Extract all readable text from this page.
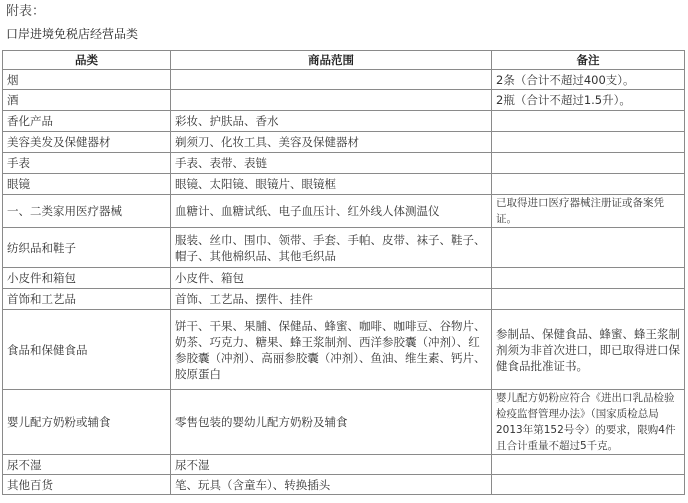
附表：
口岸进境免税店经营品类
品类	商品范围	备注
烟		2条（合计不超过400支）。
酒		2瓶（合计不超过1.5升）。
香化产品	彩妆、护肤品、香水	
美容美发及保健器材	剃须刀、化妆工具、美容及保健器材	
手表	手表、表带、表链	
眼镜	眼镜、太阳镜、眼镜片、眼镜框	
一、二类家用医疗器械	血糖计、血糖试纸、电子血压计、红外线人体测温仪	已取得进口医疗器械注册证或备案凭证。
纺织品和鞋子	服装、丝巾、围巾、领带、手套、手帕、皮带、袜子、鞋子、帽子、其他棉织品、其他毛织品	
小皮件和箱包	小皮件、箱包	
首饰和工艺品	首饰、工艺品、摆件、挂件	
食品和保健食品	饼干、干果、果脯、保健品、蜂蜜、咖啡、咖啡豆、谷物片、奶茶、巧克力、糖果、蜂王浆制剂、西洋参胶囊（冲剂）、红参胶囊（冲剂）、高丽参胶囊（冲剂）、鱼油、维生素、钙片、胶原蛋白	参制品、保健食品、蜂蜜、蜂王浆制剂须为非首次进口，即已取得进口保健食品批准证书。
婴儿配方奶粉或辅食	零售包装的婴幼儿配方奶粉及辅食	婴儿配方奶粉应符合《进出口乳品检验检疫监督管理办法》（国家质检总局2013年第152号令）的要求，限购4件且合计重量不超过5千克。
尿不湿	尿不湿	
其他百货	笔、玩具（含童车）、转换插头	
